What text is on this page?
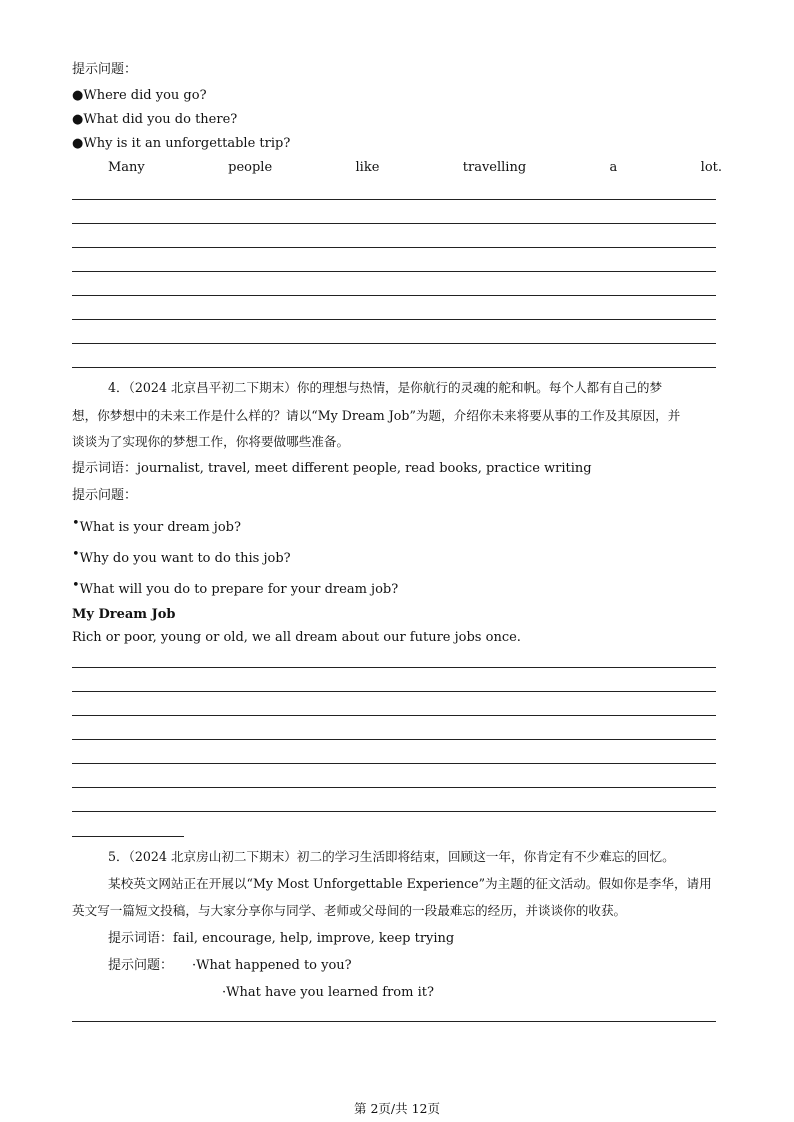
提示问题：
●Where did you go?
●What did you do there?
●Why is it an unforgettable trip?
Many	people	like	travelling	a	lot.
4．（2024 北京昌平初二下期末）你的理想与热情，是你航行的灵魂的舵和帆。每个人都有自己的梦
想，你梦想中的未来工作是什么样的？请以“My Dream Job”为题，介绍你未来将要从事的工作及其原因，并
谈谈为了实现你的梦想工作，你将要做哪些准备。
提示词语：journalist, travel, meet different people, read books, practice writing
提示问题：
•What is your dream job?
•Why do you want to do this job?
•What will you do to prepare for your dream job?
My Dream Job
Rich or poor, young or old, we all dream about our future jobs once.
5．（2024 北京房山初二下期末）初二的学习生活即将结束，回顾这一年，你肯定有不少难忘的回忆。
某校英文网站正在开展以“My Most Unforgettable Experience”为主题的征文活动。假如你是李华，请用
英文写一篇短文投稿，与大家分享你与同学、老师或父母间的一段最难忘的经历，并谈谈你的收获。
提示词语：fail, encourage, help, improve, keep trying
提示问题： ·What happened to you?
·What have you learned from it?
第 2页/共 12页
